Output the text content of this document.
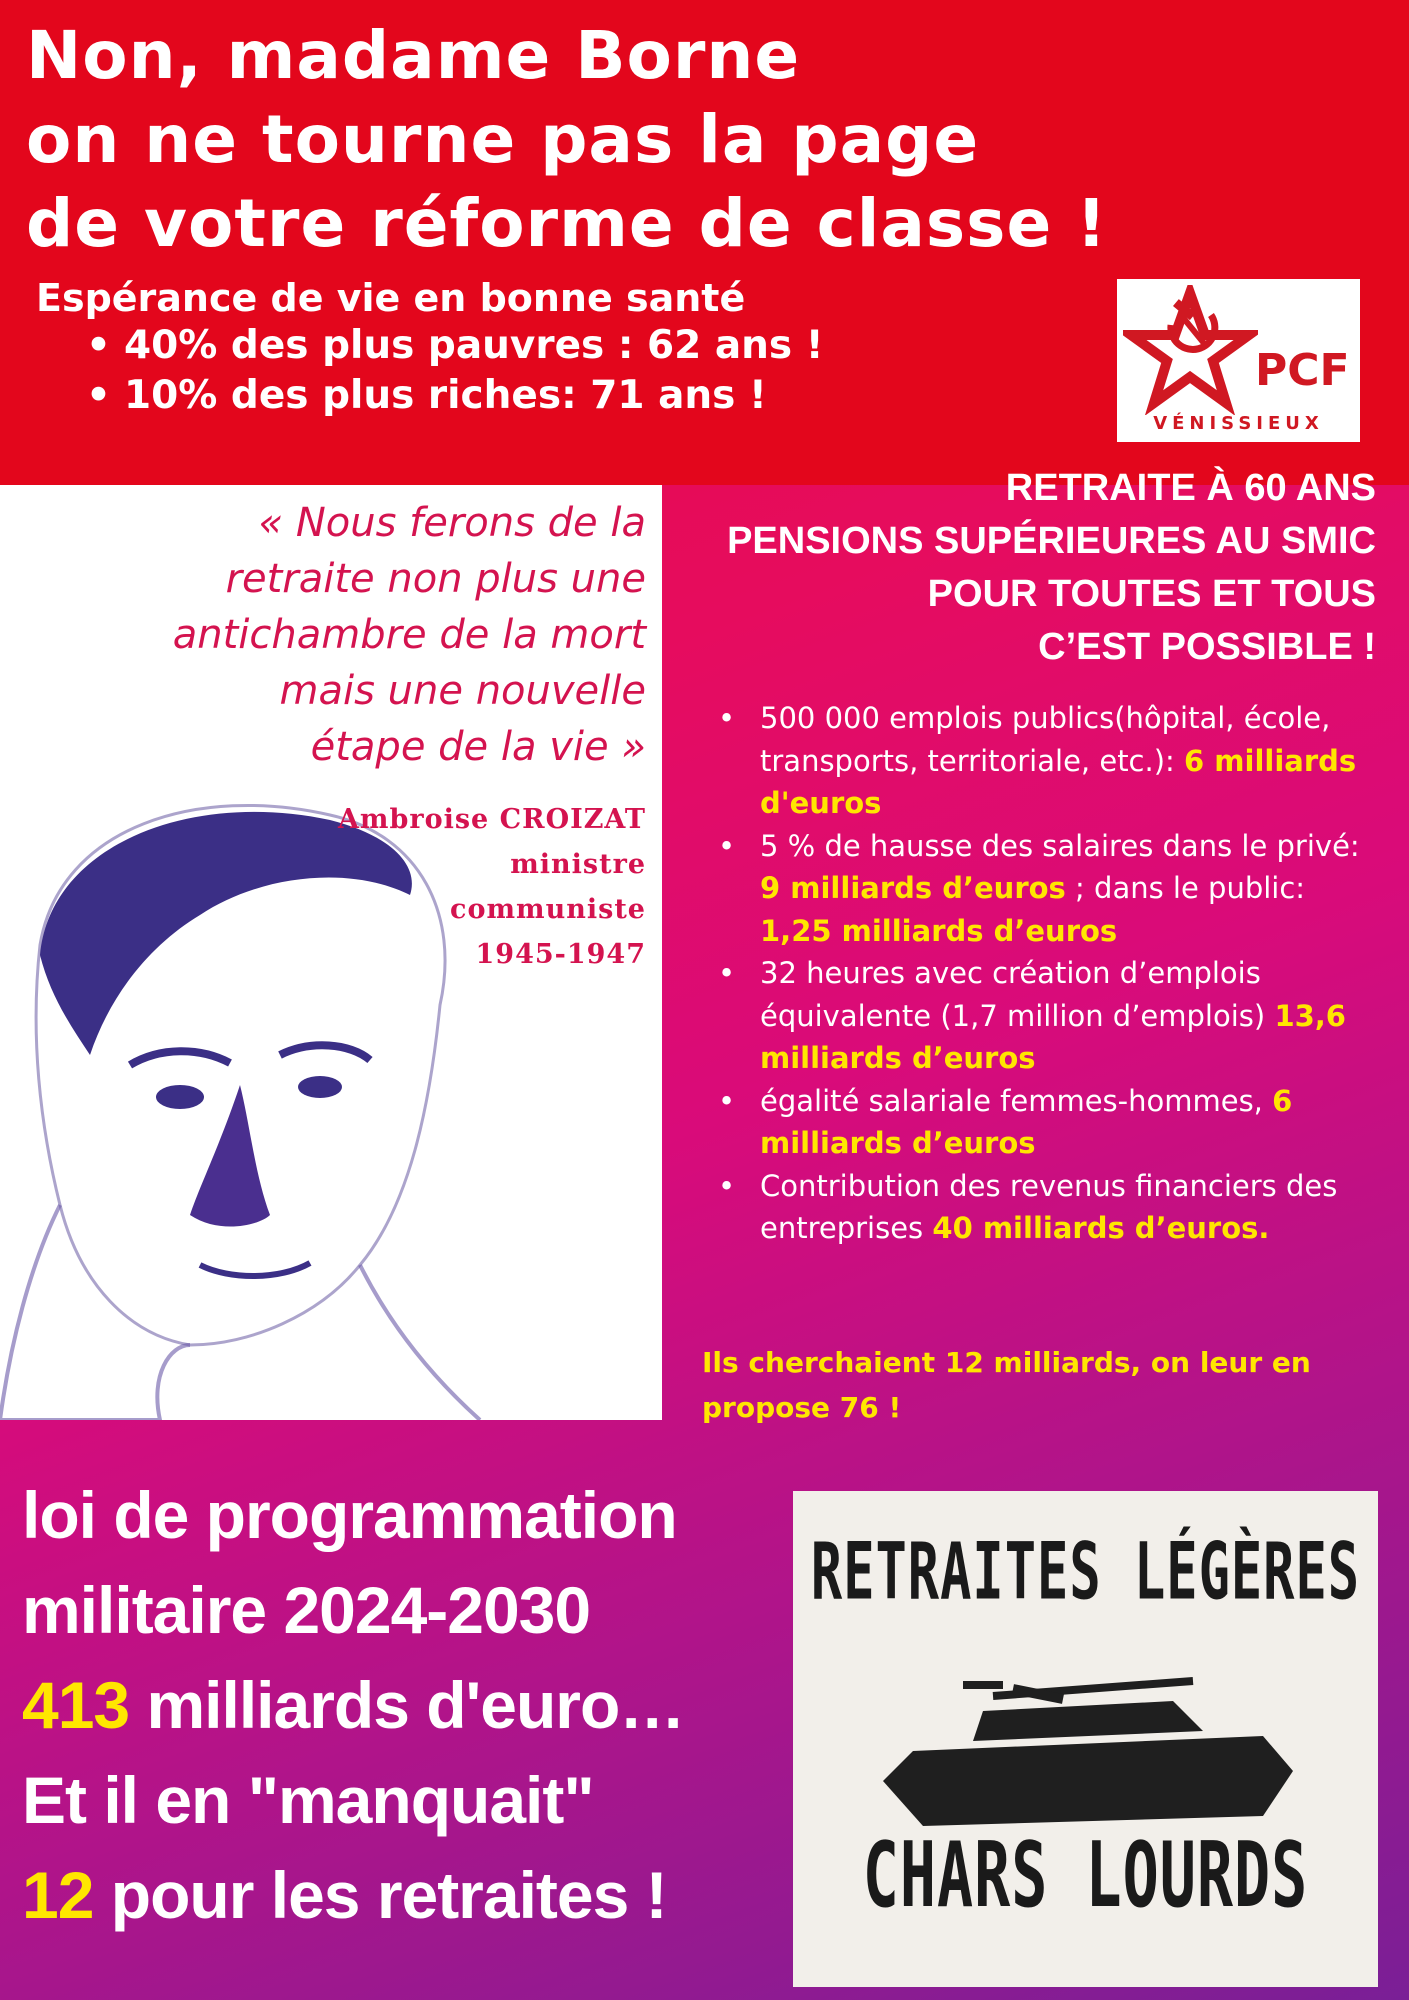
Non, madame Borne
on ne tourne pas la page
de votre réforme de classe !
Espérance de vie en bonne santé
• 40% des plus pauvres : 62 ans !
• 10% des plus riches: 71 ans !	PCF
VÉNISSIEUX
« Nous ferons de la
retraite non plus une
antichambre de la mort
mais une nouvelle
étape de la vie »
Ambroise CROIZAT
ministre
communiste
1945-1947
RETRAITE À 60 ANS
PENSIONS SUPÉRIEURES AU SMIC
POUR TOUTES ET TOUS
C’EST POSSIBLE !
• 500 000 emplois publics(hôpital, école, transports, territoriale, etc.): 6 milliards d'euros
• 5 % de hausse des salaires dans le privé: 9 milliards d’euros ; dans le public: 1,25 milliards d’euros
• 32 heures avec création d’emplois équivalente (1,7 million d’emplois) 13,6 milliards d’euros
• égalité salariale femmes-hommes, 6 milliards d’euros
• Contribution des revenus financiers des entreprises 40 milliards d’euros.
Ils cherchaient 12 milliards, on leur en propose 76 !
loi de programmation
militaire 2024-2030
413 milliards d'euro…
Et il en "manquait"
12 pour les retraites !
RETRAITES LÉGÈRES
CHARS LOURDS
